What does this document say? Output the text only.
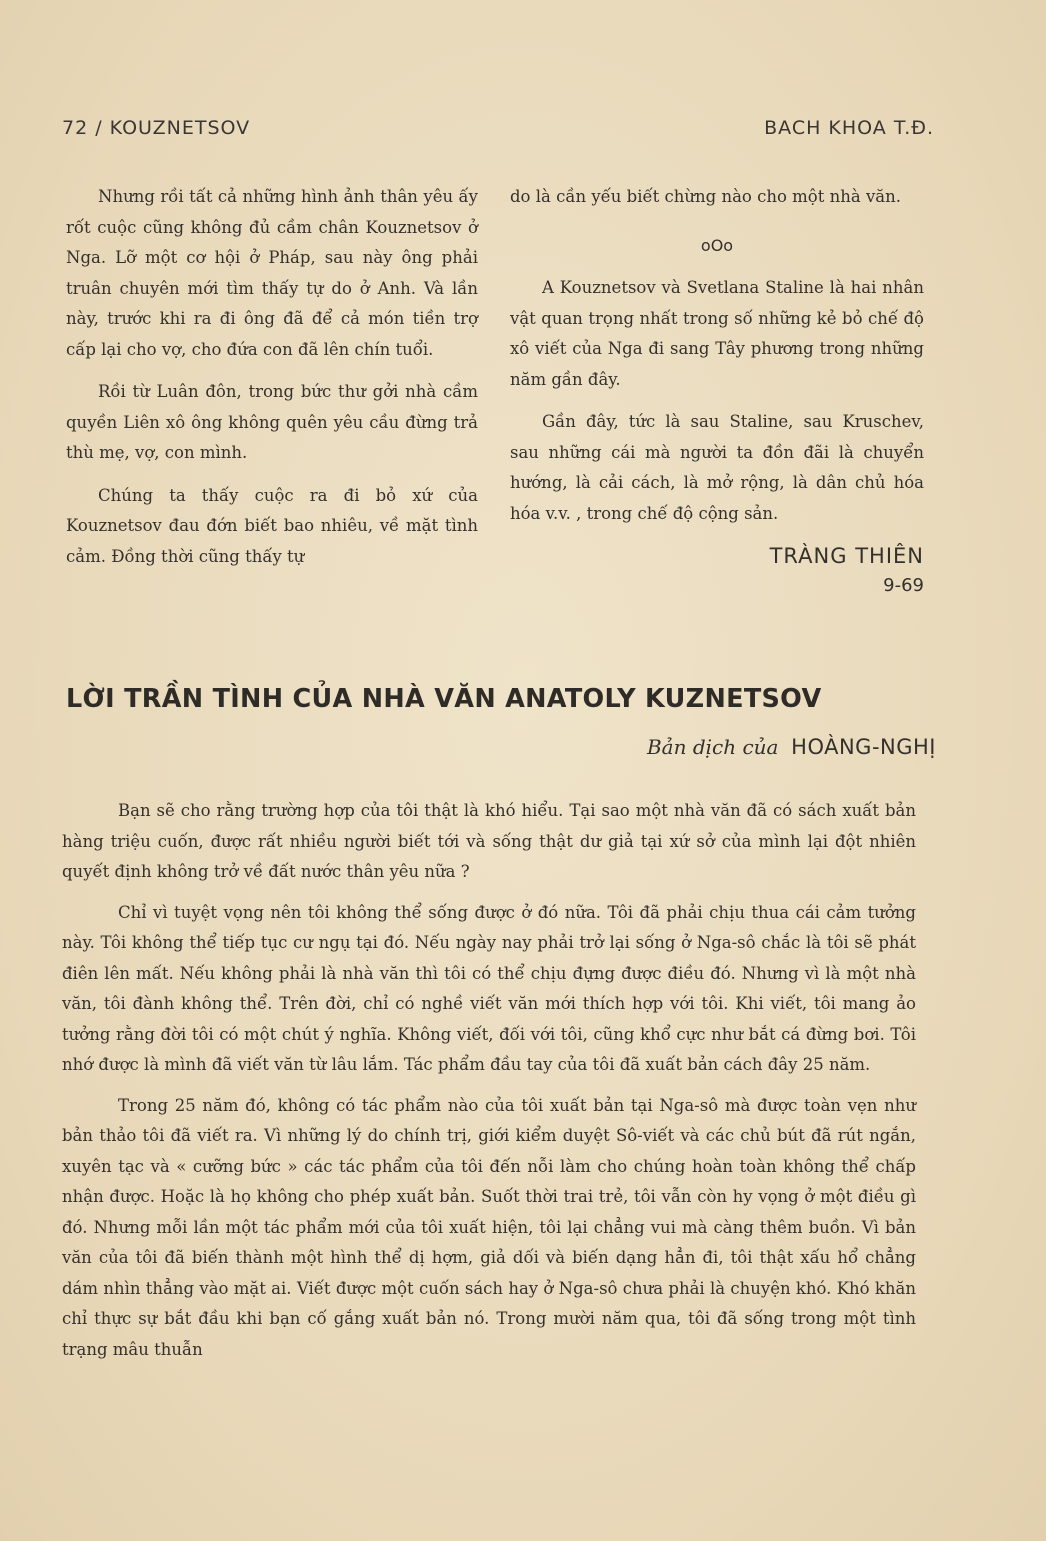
72 / KOUZNETSOV	BACH KHOA T.Đ.

Nhưng rồi tất cả những hình ảnh thân yêu ấy rốt cuộc cũng không đủ cầm chân Kouznetsov ở Nga. Lỡ một cơ hội ở Pháp, sau này ông phải truân chuyên mới tìm thấy tự do ở Anh. Và lần này, trước khi ra đi ông đã để cả món tiền trợ cấp lại cho vợ, cho đứa con đã lên chín tuổi.

Rồi từ Luân đôn, trong bức thư gởi nhà cầm quyền Liên xô ông không quên yêu cầu đừng trả thù mẹ, vợ, con mình.

Chúng ta thấy cuộc ra đi bỏ xứ của Kouznetsov đau đớn biết bao nhiêu, về mặt tình cảm. Đồng thời cũng thấy tự

do là cần yếu biết chừng nào cho một nhà văn.

oOo

A Kouznetsov và Svetlana Staline là hai nhân vật quan trọng nhất trong số những kẻ bỏ chế độ xô viết của Nga đi sang Tây phương trong những năm gần đây.

Gần đây, tức là sau Staline, sau Kruschev, sau những cái mà người ta đồn đãi là chuyển hướng, là cải cách, là mở rộng, là dân chủ hóa hóa v.v. , trong chế độ cộng sản.

TRÀNG THIÊN
9-69
LỜI TRẦN TÌNH CỦA NHÀ VĂN ANATOLY KUZNETSOV
Bản dịch của HOÀNG-NGHỊ

Bạn sẽ cho rằng trường hợp của tôi thật là khó hiểu. Tại sao một nhà văn đã có sách xuất bản hàng triệu cuốn, được rất nhiều người biết tới và sống thật dư giả tại xứ sở của mình lại đột nhiên quyết định không trở về đất nước thân yêu nữa ?

Chỉ vì tuyệt vọng nên tôi không thể sống được ở đó nữa. Tôi đã phải chịu thua cái cảm tưởng này. Tôi không thể tiếp tục cư ngụ tại đó. Nếu ngày nay phải trở lại sống ở Nga-sô chắc là tôi sẽ phát điên lên mất. Nếu không phải là nhà văn thì tôi có thể chịu đựng được điều đó. Nhưng vì là một nhà văn, tôi đành không thể. Trên đời, chỉ có nghề viết văn mới thích hợp với tôi. Khi viết, tôi mang ảo tưởng rằng đời tôi có một chút ý nghĩa. Không viết, đối với tôi, cũng khổ cực như bắt cá đừng bơi. Tôi nhớ được là mình đã viết văn từ lâu lắm. Tác phẩm đầu tay của tôi đã xuất bản cách đây 25 năm.

Trong 25 năm đó, không có tác phẩm nào của tôi xuất bản tại Nga-sô mà được toàn vẹn như bản thảo tôi đã viết ra. Vì những lý do chính trị, giới kiểm duyệt Sô-viết và các chủ bút đã rút ngắn, xuyên tạc và « cưỡng bức » các tác phẩm của tôi đến nỗi làm cho chúng hoàn toàn không thể chấp nhận được. Hoặc là họ không cho phép xuất bản. Suốt thời trai trẻ, tôi vẫn còn hy vọng ở một điều gì đó. Nhưng mỗi lần một tác phẩm mới của tôi xuất hiện, tôi lại chẳng vui mà càng thêm buồn. Vì bản văn của tôi đã biến thành một hình thể dị hợm, giả dối và biến dạng hẳn đi, tôi thật xấu hổ chẳng dám nhìn thẳng vào mặt ai. Viết được một cuốn sách hay ở Nga-sô chưa phải là chuyện khó. Khó khăn chỉ thực sự bắt đầu khi bạn cố gắng xuất bản nó. Trong mười năm qua, tôi đã sống trong một tình trạng mâu thuẫn
